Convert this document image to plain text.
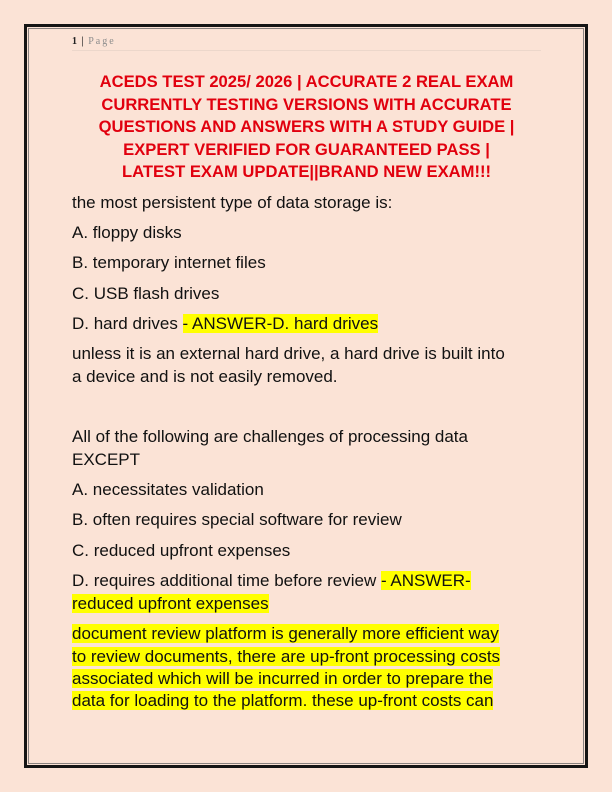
1 | Page
ACEDS TEST 2025/ 2026 | ACCURATE 2 REAL EXAM
CURRENTLY TESTING VERSIONS WITH ACCURATE
QUESTIONS AND ANSWERS WITH A STUDY GUIDE |
EXPERT VERIFIED FOR GUARANTEED PASS |
LATEST EXAM UPDATE||BRAND NEW EXAM!!!
the most persistent type of data storage is:
A. floppy disks
B. temporary internet files
C. USB flash drives
D. hard drives - ANSWER-D. hard drives
unless it is an external hard drive, a hard drive is built into
a device and is not easily removed.
All of the following are challenges of processing data
EXCEPT
A. necessitates validation
B. often requires special software for review
C. reduced upfront expenses
D. requires additional time before review - ANSWER-
reduced upfront expenses
document review platform is generally more efficient way
to review documents, there are up-front processing costs
associated which will be incurred in order to prepare the
data for loading to the platform. these up-front costs can
